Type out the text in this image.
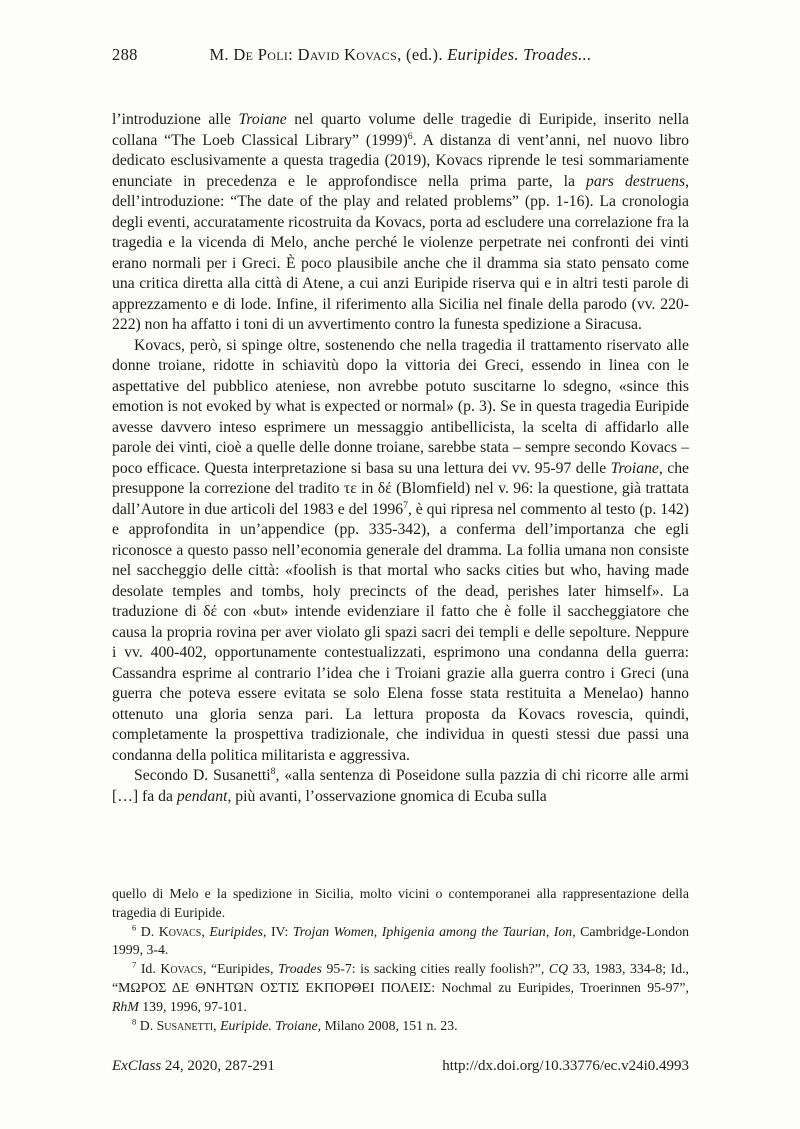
288	M. De Poli: David Kovacs, (ed.). Euripides. Troades...

l’introduzione alle Troiane nel quarto volume delle tragedie di Euripide, inserito nella collana “The Loeb Classical Library” $(1999)^6$. A distanza di vent’anni, nel nuovo libro dedicato esclusivamente a questa tragedia (2019), Kovacs riprende le tesi sommariamente enunciate in precedenza e le approfondisce nella prima parte, la pars destruens, dell’introduzione: “The date of the play and related problems” (pp. 1-16). La cronologia degli eventi, accuratamente ricostruita da Kovacs, porta ad escludere una correlazione fra la tragedia e la vicenda di Melo, anche perché le violenze perpetrate nei confronti dei vinti erano normali per i Greci. È poco plausibile anche che il dramma sia stato pensato come una critica diretta alla città di Atene, a cui anzi Euripide riserva qui e in altri testi parole di apprezzamento e di lode. Infine, il riferimento alla Sicilia nel finale della parodo (vv. 220-222) non ha affatto i toni di un avvertimento contro la funesta spedizione a Siracusa.

Kovacs, però, si spinge oltre, sostenendo che nella tragedia il trattamento riservato alle donne troiane, ridotte in schiavitù dopo la vittoria dei Greci, essendo in linea con le aspettative del pubblico ateniese, non avrebbe potuto suscitarne lo sdegno, «since this emotion is not evoked by what is expected or normal» (p. 3). Se in questa tragedia Euripide avesse davvero inteso esprimere un messaggio antibellicista, la scelta di affidarlo alle parole dei vinti, cioè a quelle delle donne troiane, sarebbe stata – sempre secondo Kovacs – poco efficace. Questa interpretazione si basa su una lettura dei vv. 95-97 delle Troiane, che presuppone la correzione del tradito τε in δέ (Blomfield) nel v. 96: la questione, già trattata dall’Autore in due articoli del 1983 e del 1996$^7$, è qui ripresa nel commento al testo (p. 142) e approfondita in un’appendice (pp. 335-342), a conferma dell’importanza che egli riconosce a questo passo nell’economia generale del dramma. La follia umana non consiste nel saccheggio delle città: «foolish is that mortal who sacks cities but who, having made desolate temples and tombs, holy precincts of the dead, perishes later himself». La traduzione di δέ con «but» intende evidenziare il fatto che è folle il saccheggiatore che causa la propria rovina per aver violato gli spazi sacri dei templi e delle sepolture. Neppure i vv. 400-402, opportunamente contestualizzati, esprimono una condanna della guerra: Cassandra esprime al contrario l’idea che i Troiani grazie alla guerra contro i Greci (una guerra che poteva essere evitata se solo Elena fosse stata restituita a Menelao) hanno ottenuto una gloria senza pari. La lettura proposta da Kovacs rovescia, quindi, completamente la prospettiva tradizionale, che individua in questi stessi due passi una condanna della politica militarista e aggressiva.

Secondo D. Susanetti$^8$, «alla sentenza di Poseidone sulla pazzia di chi ricorre alle armi […] fa da pendant, più avanti, l’osservazione gnomica di Ecuba sulla

quello di Melo e la spedizione in Sicilia, molto vicini o contemporanei alla rappresentazione della tragedia di Euripide.

$^6$ D. Kovacs, Euripides, IV: Trojan Women, Iphigenia among the Taurian, Ion, Cambridge-London 1999, 3-4.

$^7$ Id. Kovacs, “Euripides, Troades 95-7: is sacking cities really foolish?”, CQ 33, 1983, 334-8; Id., “ΜΩΡΟΣ ΔΕ ΘΝΗΤΩΝ ΟΣΤΙΣ ΕΚΠΟΡΘΕΙ ΠΟΛΕΙΣ: Nochmal zu Euripides, Troerinnen 95-97”, RhM 139, 1996, 97-101.

$^8$ D. Susanetti, Euripide. Troiane, Milano 2008, 151 n. 23.

ExClass 24, 2020, 287-291	http://dx.doi.org/10.33776/ec.v24i0.4993
